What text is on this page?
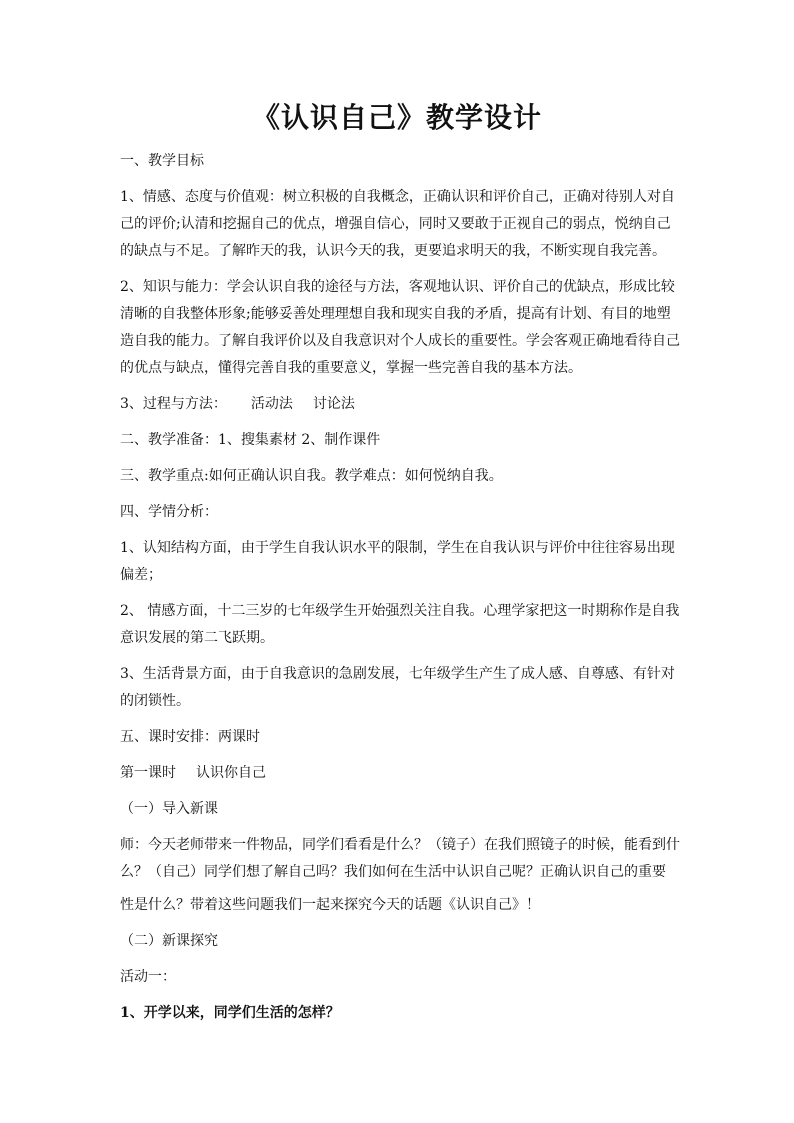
《认识自己》教学设计

一、教学目标

1、情感、态度与价值观：树立积极的自我概念，正确认识和评价自己，正确对待别人对自己的评价;认清和挖掘自己的优点，增强自信心，同时又要敢于正视自己的弱点，悦纳自己的缺点与不足。了解昨天的我，认识今天的我，更要追求明天的我，不断实现自我完善。

2、知识与能力：学会认识自我的途径与方法，客观地认识、评价自己的优缺点，形成比较清晰的自我整体形象;能够妥善处理理想自我和现实自我的矛盾，提高有计划、有目的地塑造自我的能力。了解自我评价以及自我意识对个人成长的重要性。学会客观正确地看待自己的优点与缺点，懂得完善自我的重要意义，掌握一些完善自我的基本方法。

3、过程与方法： 活动法 讨论法

二、教学准备：1、搜集素材 2、制作课件

三、教学重点:如何正确认识自我。教学难点：如何悦纳自我。

四、学情分析：

1、认知结构方面，由于学生自我认识水平的限制，学生在自我认识与评价中往往容易出现偏差；

2、 情感方面，十二三岁的七年级学生开始强烈关注自我。心理学家把这一时期称作是自我意识发展的第二飞跃期。

3、生活背景方面，由于自我意识的急剧发展，七年级学生产生了成人感、自尊感、有针对的闭锁性。

五、课时安排：两课时

第一课时 认识你自己

（一）导入新课

师：今天老师带来一件物品，同学们看看是什么？（镜子）在我们照镜子的时候，能看到什么？（自己）同学们想了解自己吗？我们如何在生活中认识自己呢？正确认识自己的重要

性是什么？带着这些问题我们一起来探究今天的话题《认识自己》！

（二）新课探究

活动一：

1、开学以来，同学们生活的怎样？
